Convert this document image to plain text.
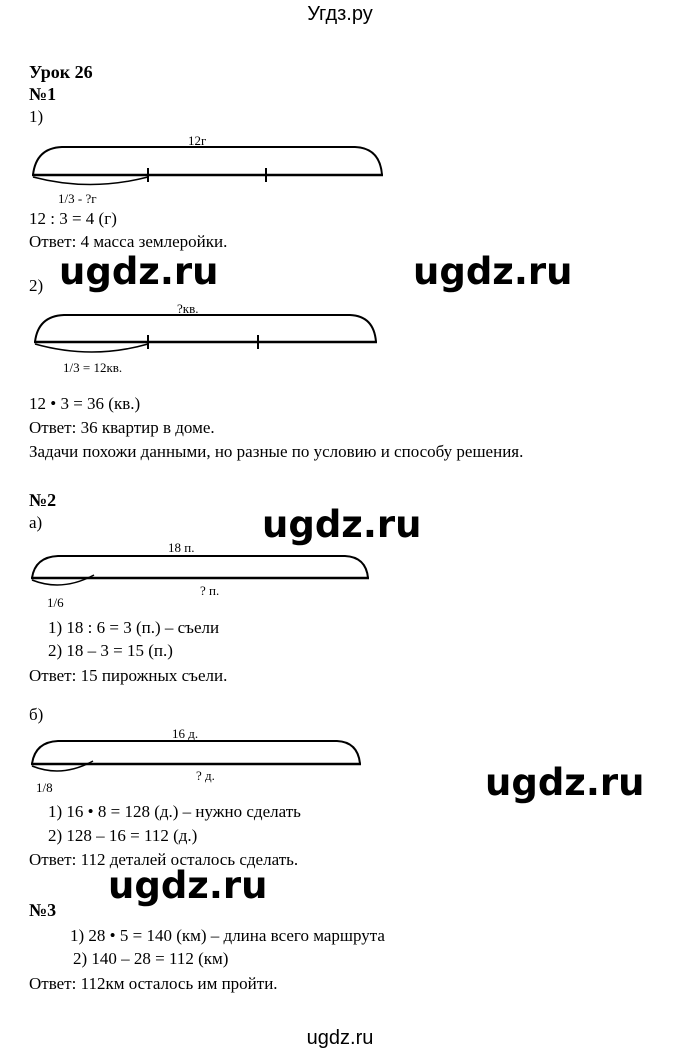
Угдз.ру
Урок 26
№1
1)
12г
1/3 - ?г
12 : 3 = 4 (г)
Ответ: 4 масса землеройки.
2)
?кв.
1/3 = 12кв.
12 • 3 = 36 (кв.)
Ответ: 36 квартир в доме.
Задачи похожи данными, но разные по условию и способу решения.
№2
а)
18 п.
1/6
? п.
1) 18 : 6 = 3 (п.) – съели
2) 18 – 3 = 15 (п.)
Ответ: 15 пирожных съели.
б)
16 д.
1/8
? д.
1) 16 • 8 = 128 (д.) – нужно сделать
2) 128 – 16 = 112 (д.)
Ответ: 112 деталей осталось сделать.
№3
1) 28 • 5 = 140 (км) – длина всего маршрута
2) 140 – 28 = 112 (км)
Ответ: 112км осталось им пройти.
ugdz.ru	ugdz.ru
ugdz.ru
ugdz.ru
ugdz.ru
ugdz.ru
